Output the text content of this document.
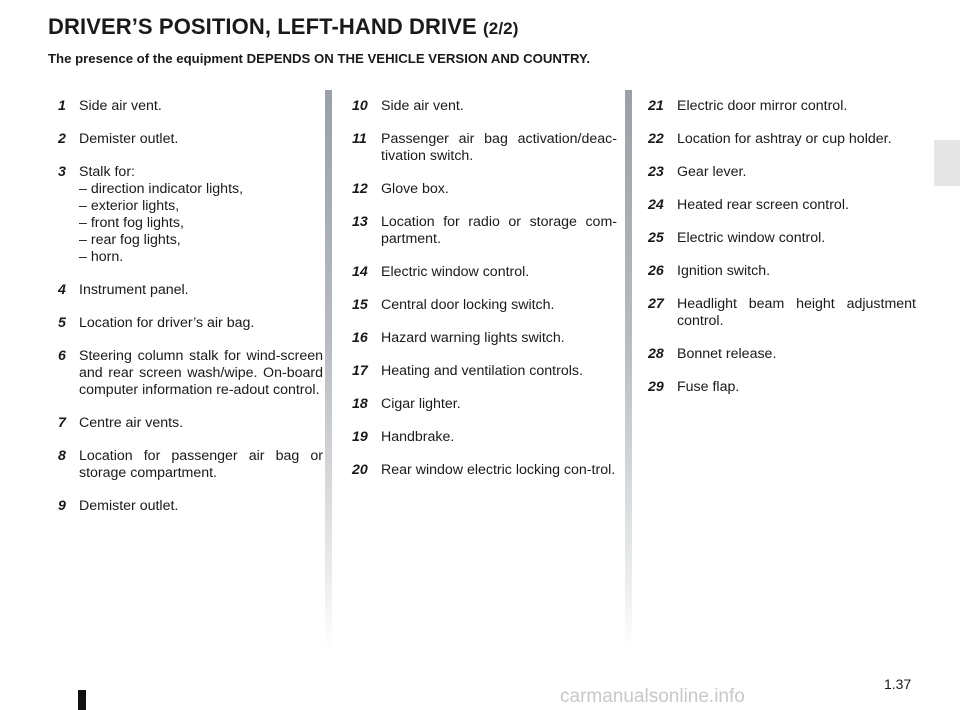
DRIVER’S POSITION, LEFT-HAND DRIVE (2/2)

The presence of the equipment DEPENDS ON THE VEHICLE VERSION AND COUNTRY.

1 Side air vent.
2 Demister outlet.
3 Stalk for:
– direction indicator lights,
– exterior lights,
– front fog lights,
– rear fog lights,
– horn.
4 Instrument panel.
5 Location for driver’s air bag.
6 Steering column stalk for wind-screen and rear screen wash/wipe. On-board computer information re-adout control.
7 Centre air vents.
8 Location for passenger air bag or storage compartment.
9 Demister outlet.
10 Side air vent.
11 Passenger air bag activation/deac-tivation switch.
12 Glove box.
13 Location for radio or storage com-partment.
14 Electric window control.
15 Central door locking switch.
16 Hazard warning lights switch.
17 Heating and ventilation controls.
18 Cigar lighter.
19 Handbrake.
20 Rear window electric locking con-trol.
21 Electric door mirror control.
22 Location for ashtray or cup holder.
23 Gear lever.
24 Heated rear screen control.
25 Electric window control.
26 Ignition switch.
27 Headlight beam height adjustment control.
28 Bonnet release.
29 Fuse flap.
1.37
carmanualsonline.info
